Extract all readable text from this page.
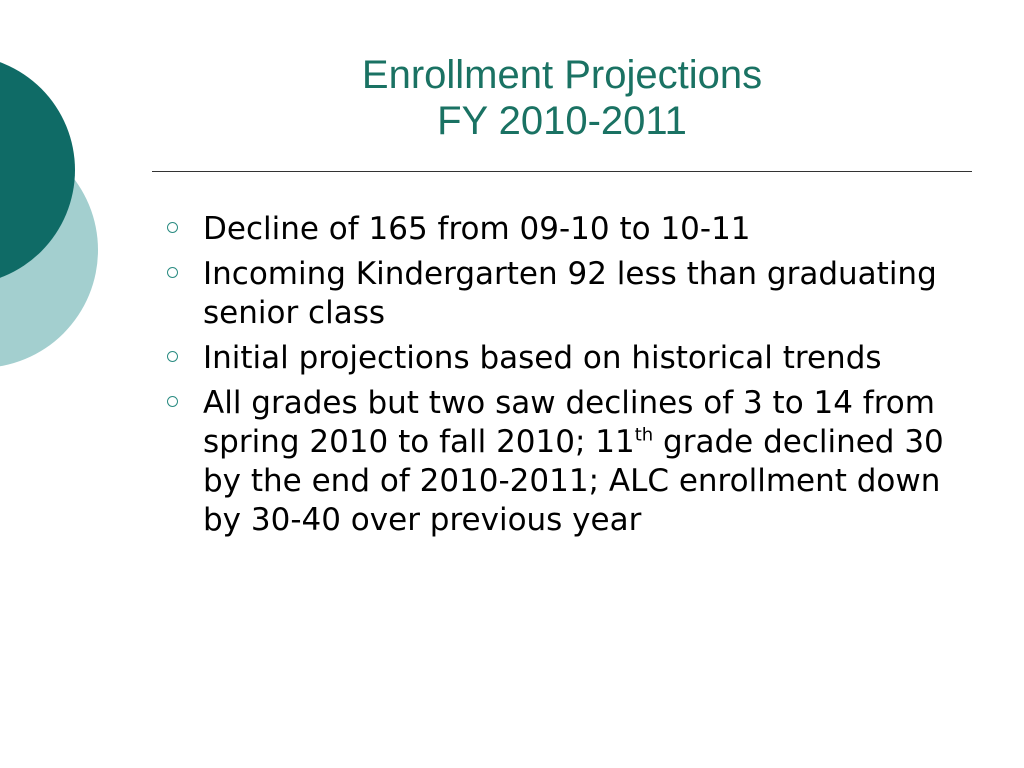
Enrollment Projections
FY 2010-2011
Decline of 165 from 09-10 to 10-11
Incoming Kindergarten 92 less than graduating senior class
Initial projections based on historical trends
All grades but two saw declines of 3 to 14 from spring 2010 to fall 2010; 11th grade declined 30 by the end of 2010-2011; ALC enrollment down by 30-40 over previous year
